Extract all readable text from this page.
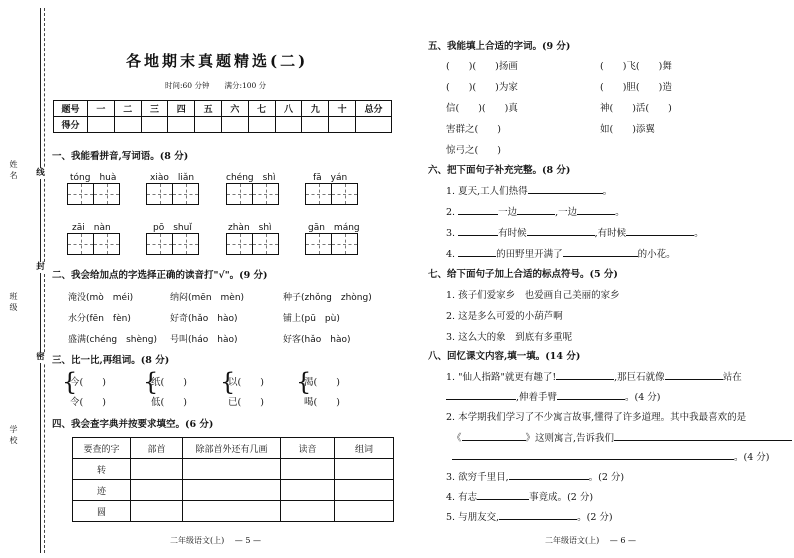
姓名
班级
学校
线
封
密
各地期末真题精选(二)
时间:60 分钟　　满分:100 分
题号	一	二	三	四	五	六	七	八	九	十	总分
得分											
一、我能看拼音,写词语。(8 分)
tóng　huà	xiào　liǎn	chéng　shì	fā　yán
zāi　nàn	pō　shuǐ	zhàn　shì	gān　máng
二、我会给加点的字选择正确的读音打"√"。(9 分)
淹没(mò　méi)	纳闷(mēn　mèn)	种子(zhǒng　zhòng)
水分(fēn　fèn)	好奇(hǎo　hào)	铺上(pū　pù)
盛满(chéng　shèng) 号叫(háo　hào)	好客(hǎo　hào)
三、比一比,再组词。(8 分)
{
今(　　)
令(　　)
{
纸(　　)
低(　　)
{
以(　　)
已(　　)
{
渴(　　)
喝(　　)
四、我会查字典并按要求填空。(6 分)
要查的字	部首	除部首外还有几画	读音	组词
转				
迹				
圆				
二年级语文(上)　 — 5 —
五、我能填上合适的字词。(9 分)
(　　)(　　)扬画	(　　)飞(　　)舞
(　　)(　　)为家	(　　)胆(　　)造
信(　　)(　　)真	神(　　)活(　　)
害群之(　　)	如(　　)添翼
惊弓之(　　)
六、把下面句子补充完整。(8 分)
1. 夏天,工人们热得	。
2.	一边	,一边	。
3.	有时候	,有时候	。
4.	的田野里开满了	的小花。
七、给下面句子加上合适的标点符号。(5 分)
1. 孩子们爱家乡　也爱画自己美丽的家乡
2. 这是多么可爱的小葫芦啊
3. 这么大的象　到底有多重呢
八、回忆课文内容,填一填。(14 分)
1. "仙人指路"就更有趣了!	,那巨石就像	站在
,伸着手臂	。(4 分)
2. 本学期我们学习了不少寓言故事,懂得了许多道理。其中我最喜欢的是
《	》这则寓言,告诉我们
。(4 分)
3. 欲穷千里目,	。(2 分)
4. 有志	事竟成。(2 分)
5. 与朋友交,	。(2 分)
二年级语文(上)　 — 6 —
